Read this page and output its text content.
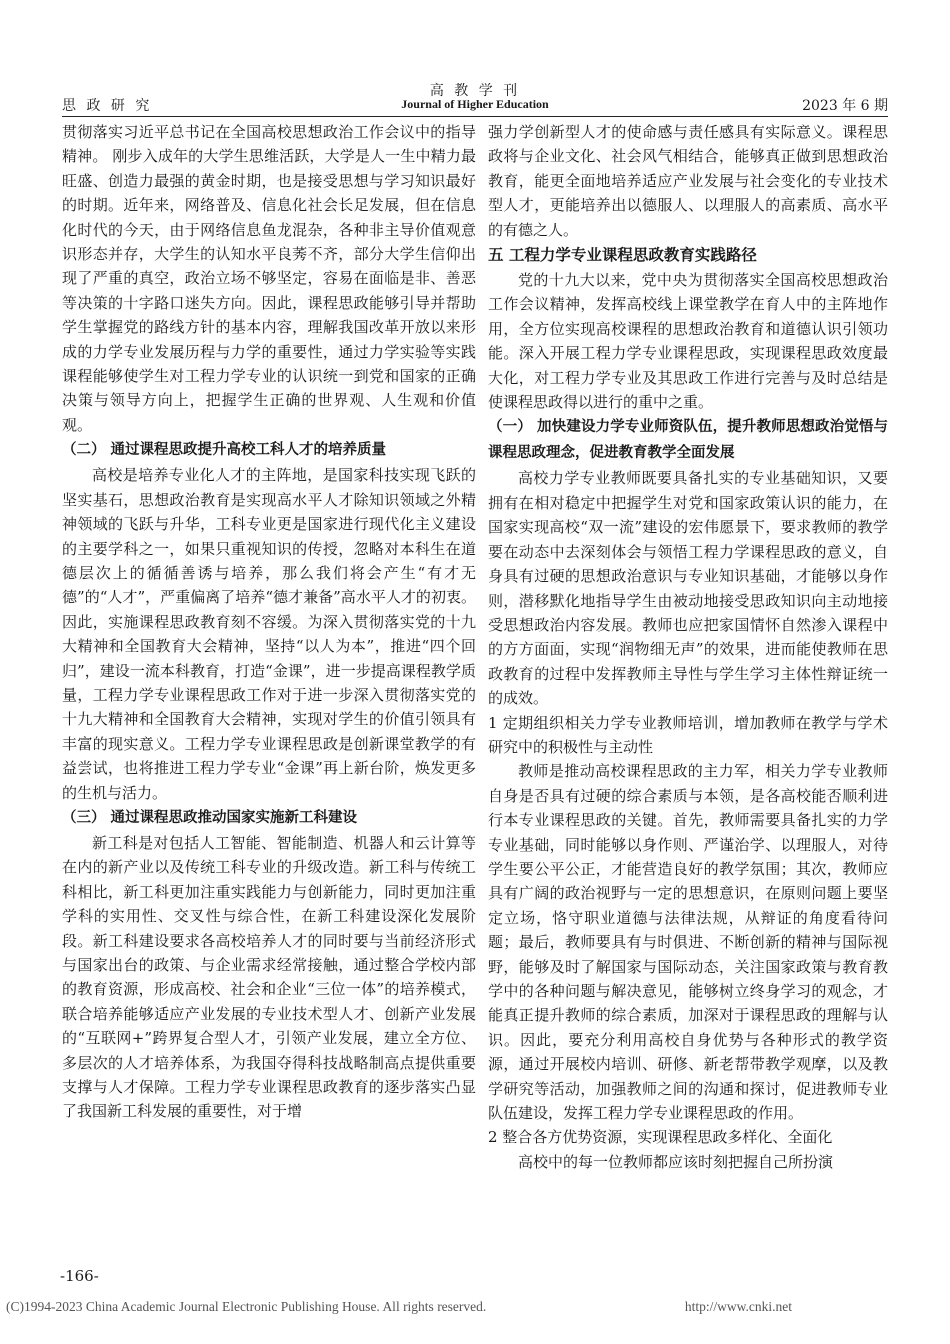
高 教 学 刊
思 政 研 究	Journal of Higher Education	2023 年 6 期

贯彻落实习近平总书记在全国高校思想政治工作会议中的指导精神。 刚步入成年的大学生思维活跃，大学是人一生中精力最旺盛、创造力最强的黄金时期，也是接受思想与学习知识最好的时期。近年来，网络普及、信息化社会长足发展，但在信息化时代的今天，由于网络信息鱼龙混杂，各种非主导价值观意识形态并存，大学生的认知水平良莠不齐，部分大学生信仰出现了严重的真空，政治立场不够坚定，容易在面临是非、善恶等决策的十字路口迷失方向。因此，课程思政能够引导并帮助学生掌握党的路线方针的基本内容，理解我国改革开放以来形成的力学专业发展历程与力学的重要性，通过力学实验等实践课程能够使学生对工程力学专业的认识统一到党和国家的正确决策与领导方向上，把握学生正确的世界观、人生观和价值观。

（二） 通过课程思政提升高校工科人才的培养质量

高校是培养专业化人才的主阵地，是国家科技实现飞跃的坚实基石，思想政治教育是实现高水平人才除知识领域之外精神领域的飞跃与升华，工科专业更是国家进行现代化主义建设的主要学科之一，如果只重视知识的传授，忽略对本科生在道德层次上的循循善诱与培养，那么我们将会产生“有才无德”的“人才”，严重偏离了培养“德才兼备”高水平人才的初衷。因此，实施课程思政教育刻不容缓。为深入贯彻落实党的十九大精神和全国教育大会精神，坚持“以人为本”，推进“四个回归”，建设一流本科教育，打造“金课”，进一步提高课程教学质量，工程力学专业课程思政工作对于进一步深入贯彻落实党的十九大精神和全国教育大会精神，实现对学生的价值引领具有丰富的现实意义。工程力学专业课程思政是创新课堂教学的有益尝试，也将推进工程力学专业“金课”再上新台阶，焕发更多的生机与活力。

（三） 通过课程思政推动国家实施新工科建设

新工科是对包括人工智能、智能制造、机器人和云计算等在内的新产业以及传统工科专业的升级改造。新工科与传统工科相比，新工科更加注重实践能力与创新能力，同时更加注重学科的实用性、交叉性与综合性，在新工科建设深化发展阶段。新工科建设要求各高校培养人才的同时要与当前经济形式与国家出台的政策、与企业需求经常接触，通过整合学校内部的教育资源，形成高校、社会和企业“三位一体”的培养模式，联合培养能够适应产业发展的专业技术型人才、创新产业发展的“互联网+”跨界复合型人才，引领产业发展，建立全方位、多层次的人才培养体系，为我国夺得科技战略制高点提供重要支撑与人才保障。工程力学专业课程思政教育的逐步落实凸显了我国新工科发展的重要性，对于增

强力学创新型人才的使命感与责任感具有实际意义。课程思政将与企业文化、社会风气相结合，能够真正做到思想政治教育，能更全面地培养适应产业发展与社会变化的专业技术型人才，更能培养出以德服人、以理服人的高素质、高水平的有德之人。

五 工程力学专业课程思政教育实践路径

党的十九大以来，党中央为贯彻落实全国高校思想政治工作会议精神，发挥高校线上课堂教学在育人中的主阵地作用，全方位实现高校课程的思想政治教育和道德认识引领功能。深入开展工程力学专业课程思政，实现课程思政效度最大化，对工程力学专业及其思政工作进行完善与及时总结是使课程思政得以进行的重中之重。

（一） 加快建设力学专业师资队伍，提升教师思想政治觉悟与课程思政理念，促进教育教学全面发展

高校力学专业教师既要具备扎实的专业基础知识，又要拥有在相对稳定中把握学生对党和国家政策认识的能力，在国家实现高校“双一流”建设的宏伟愿景下，要求教师的教学要在动态中去深刻体会与领悟工程力学课程思政的意义，自身具有过硬的思想政治意识与专业知识基础，才能够以身作则，潜移默化地指导学生由被动地接受思政知识向主动地接受思想政治内容发展。教师也应把家国情怀自然渗入课程中的方方面面，实现“润物细无声”的效果，进而能使教师在思政教育的过程中发挥教师主导性与学生学习主体性辩证统一的成效。

1 定期组织相关力学专业教师培训，增加教师在教学与学术研究中的积极性与主动性

教师是推动高校课程思政的主力军，相关力学专业教师自身是否具有过硬的综合素质与本领，是各高校能否顺利进行本专业课程思政的关键。首先，教师需要具备扎实的力学专业基础，同时能够以身作则、严谨治学、以理服人，对待学生要公平公正，才能营造良好的教学氛围；其次，教师应具有广阔的政治视野与一定的思想意识，在原则问题上要坚定立场，恪守职业道德与法律法规，从辩证的角度看待问题；最后，教师要具有与时俱进、不断创新的精神与国际视野，能够及时了解国家与国际动态，关注国家政策与教育教学中的各种问题与解决意见，能够树立终身学习的观念，才能真正提升教师的综合素质，加深对于课程思政的理解与认识。因此，要充分利用高校自身优势与各种形式的教学资源，通过开展校内培训、研修、新老帮带教学观摩，以及教学研究等活动，加强教师之间的沟通和探讨，促进教师专业队伍建设，发挥工程力学专业课程思政的作用。

2 整合各方优势资源，实现课程思政多样化、全面化

高校中的每一位教师都应该时刻把握自己所扮演

-166-
(C)1994-2023 China Academic Journal Electronic Publishing House. All rights reserved.	http://www.cnki.net
